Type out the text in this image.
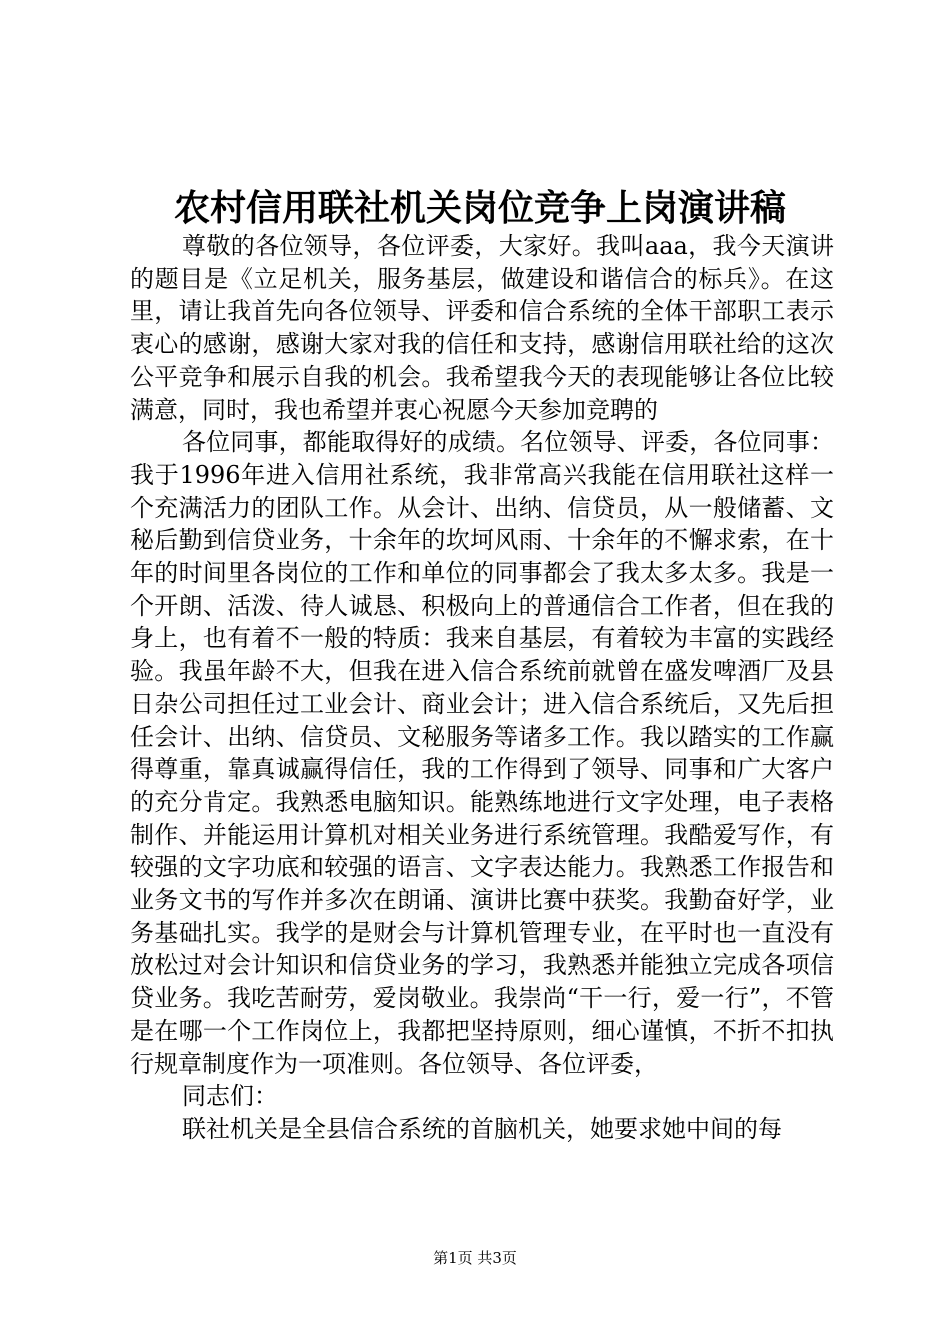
农村信用联社机关岗位竞争上岗演讲稿

尊敬的各位领导，各位评委，大家好。我叫aaa，我今天演讲的题目是《立足机关，服务基层，做建设和谐信合的标兵》。在这里，请让我首先向各位领导、评委和信合系统的全体干部职工表示衷心的感谢，感谢大家对我的信任和支持，感谢信用联社给的这次公平竞争和展示自我的机会。我希望我今天的表现能够让各位比较满意，同时，我也希望并衷心祝愿今天参加竞聘的

各位同事，都能取得好的成绩。名位领导、评委，各位同事：我于1996年进入信用社系统，我非常高兴我能在信用联社这样一个充满活力的团队工作。从会计、出纳、信贷员，从一般储蓄、文秘后勤到信贷业务，十余年的坎坷风雨、十余年的不懈求索，在十年的时间里各岗位的工作和单位的同事都会了我太多太多。我是一个开朗、活泼、待人诚恳、积极向上的普通信合工作者，但在我的身上，也有着不一般的特质：我来自基层，有着较为丰富的实践经验。我虽年龄不大，但我在进入信合系统前就曾在盛发啤酒厂及县日杂公司担任过工业会计、商业会计；进入信合系统后，又先后担任会计、出纳、信贷员、文秘服务等诸多工作。我以踏实的工作赢得尊重，靠真诚赢得信任，我的工作得到了领导、同事和广大客户的充分肯定。我熟悉电脑知识。能熟练地进行文字处理，电子表格制作、并能运用计算机对相关业务进行系统管理。我酷爱写作，有较强的文字功底和较强的语言、文字表达能力。我熟悉工作报告和业务文书的写作并多次在朗诵、演讲比赛中获奖。我勤奋好学，业务基础扎实。我学的是财会与计算机管理专业，在平时也一直没有放松过对会计知识和信贷业务的学习，我熟悉并能独立完成各项信贷业务。我吃苦耐劳，爱岗敬业。我崇尚“干一行，爱一行”，不管是在哪一个工作岗位上，我都把坚持原则，细心谨慎，不折不扣执行规章制度作为一项准则。各位领导、各位评委，

同志们：

联社机关是全县信合系统的首脑机关，她要求她中间的每

第1页 共3页
